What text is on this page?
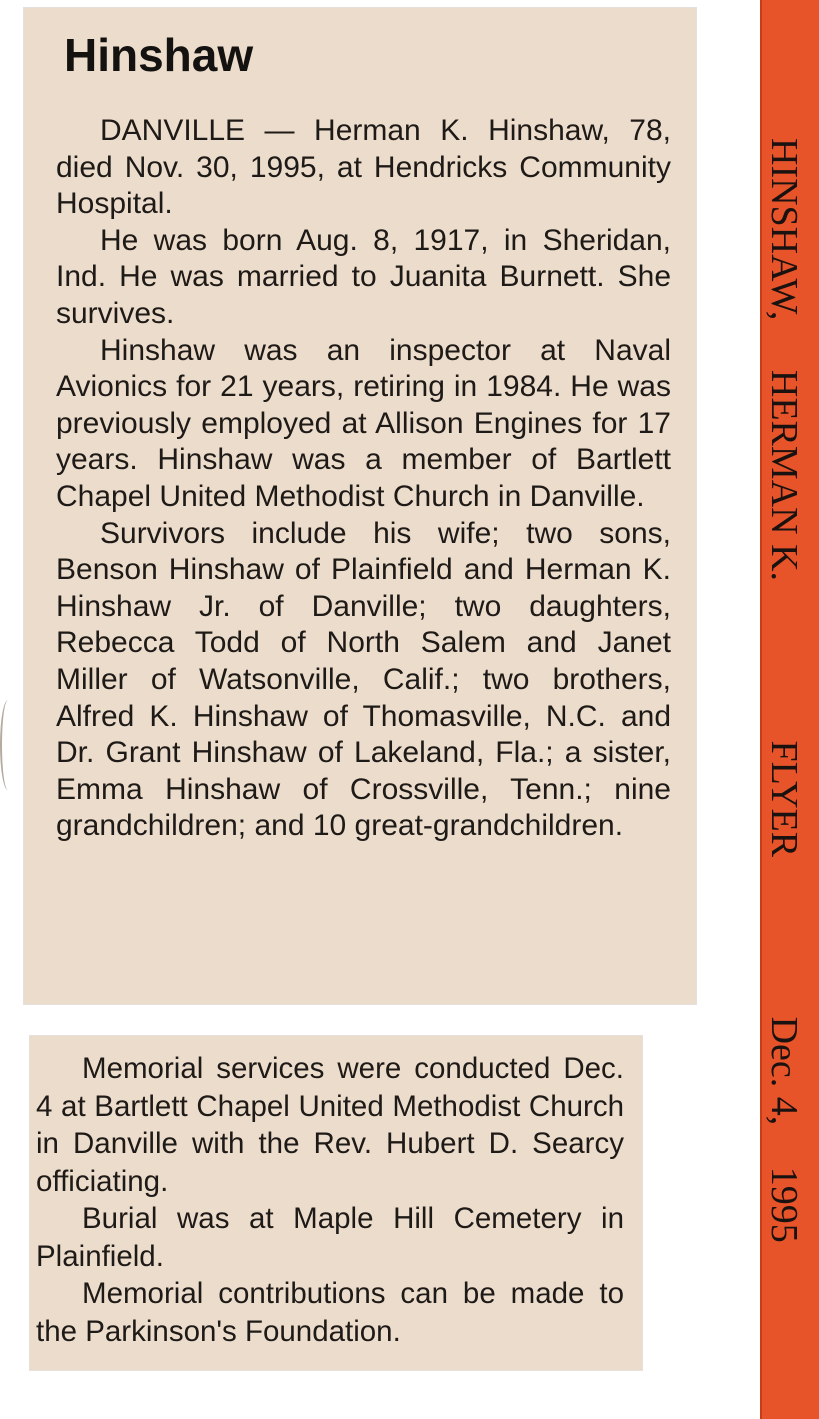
Hinshaw

DANVILLE — Herman K. Hinshaw, 78, died Nov. 30, 1995, at Hendricks Community Hospital.

He was born Aug. 8, 1917, in Sheridan, Ind. He was married to Juanita Burnett. She survives.

Hinshaw was an inspector at Naval Avionics for 21 years, retiring in 1984. He was previously employed at Allison Engines for 17 years. Hinshaw was a member of Bartlett Chapel United Methodist Church in Danville.

Survivors include his wife; two sons, Benson Hinshaw of Plainfield and Herman K. Hinshaw Jr. of Danville; two daughters, Rebecca Todd of North Salem and Janet Miller of Watsonville, Calif.; two brothers, Alfred K. Hinshaw of Thomasville, N.C. and Dr. Grant Hinshaw of Lakeland, Fla.; a sister, Emma Hinshaw of Crossville, Tenn.; nine grandchildren; and 10 great-grandchildren.

Memorial services were conducted Dec. 4 at Bartlett Chapel United Methodist Church in Danville with the Rev. Hubert D. Searcy officiating.

Burial was at Maple Hill Cemetery in Plainfield.

Memorial contributions can be made to the Parkinson's Foundation.

HINSHAW, HERMAN K. FLYER Dec. 4, 1995
